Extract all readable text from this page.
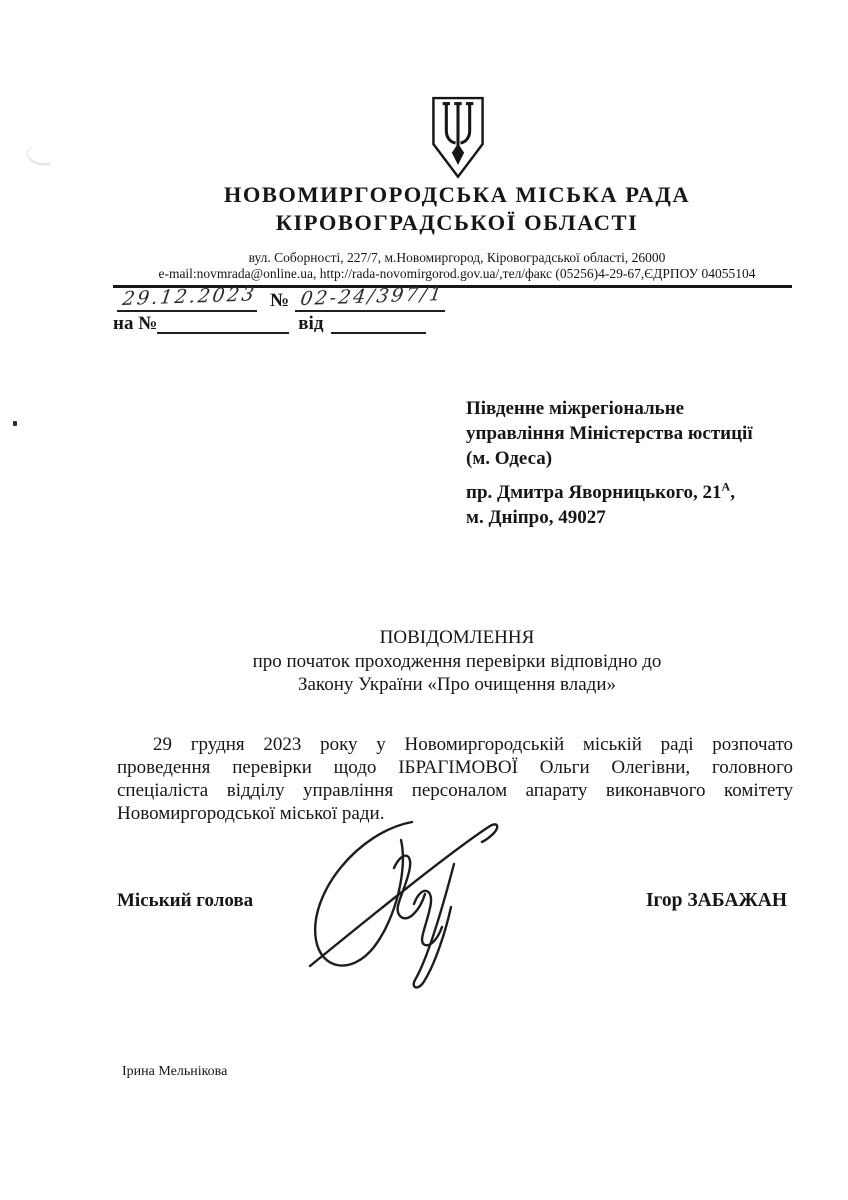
НОВОМИРГОРОДСЬКА МІСЬКА РАДА
КІРОВОГРАДСЬКОЇ ОБЛАСТІ
вул. Соборності, 227/7, м.Новомиргород, Кіровоградської області, 26000
e-mail:novmrada@online.ua, http://rada-novomirgorod.gov.ua/,тел/факс (05256)4-29-67,ЄДРПОУ 04055104
29.12.2023 № 02-24/397/1
на №	від
Південне міжрегіональне
управління Міністерства юстиції
(м. Одеса)
пр. Дмитра Яворницького, $21^А$,
м. Дніпро, 49027
ПОВІДОМЛЕННЯ
про початок проходження перевірки відповідно до
Закону України «Про очищення влади»
29 грудня 2023 року у Новомиргородській міській раді розпочато
проведення перевірки щодо ІБРАГІМОВОЇ Ольги Олегівни, головного
спеціаліста відділу управління персоналом апарату виконавчого комітету
Новомиргородської міської ради.
Міський голова	Ігор ЗАБАЖАН
Ірина Мельнікова
